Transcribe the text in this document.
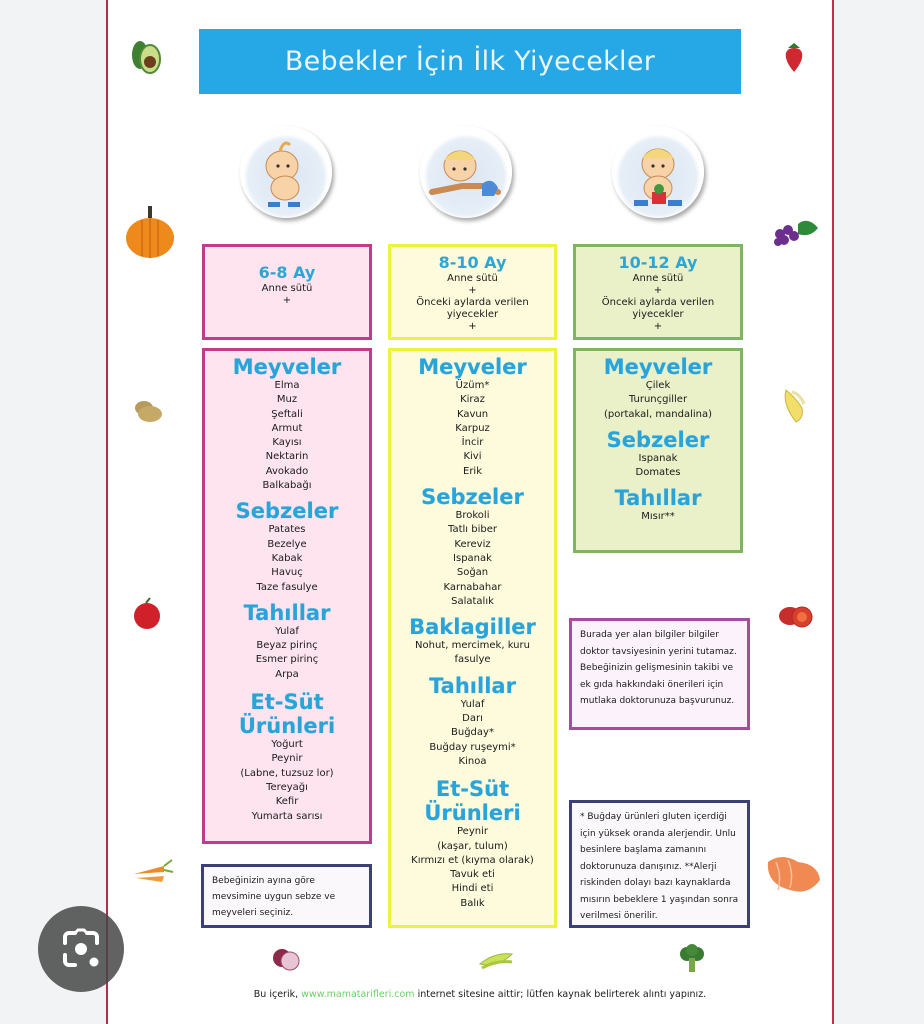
Bebekler İçin İlk Yiyecekler
6-8 Ay
Anne sütü
+
8-10 Ay
Anne sütü
+
Önceki aylarda verilen
yiyecekler
+
10-12 Ay
Anne sütü
+
Önceki aylarda verilen
yiyecekler
+
Meyveler
Elma
Muz
Şeftali
Armut
Kayısı
Nektarin
Avokado
Balkabağı
Sebzeler
Patates
Bezelye
Kabak
Havuç
Taze fasulye
Tahıllar
Yulaf
Beyaz pirinç
Esmer pirinç
Arpa
Et-Süt
Ürünleri
Yoğurt
Peynir
(Labne, tuzsuz lor)
Tereyağı
Kefir
Yumarta sarısı
Meyveler
Üzüm*
Kiraz
Kavun
Karpuz
İncir
Kivi
Erik
Sebzeler
Brokoli
Tatlı biber
Kereviz
Ispanak
Soğan
Karnabahar
Salatalık
Baklagiller
Nohut, mercimek, kuru
fasulye
Tahıllar
Yulaf
Darı
Buğday*
Buğday ruşeymi*
Kinoa
Et-Süt
Ürünleri
Peynir
(kaşar, tulum)
Kırmızı et (kıyma olarak)
Tavuk eti
Hindi eti
Balık
Meyveler
Çilek
Turunçgiller
(portakal, mandalina)
Sebzeler
Ispanak
Domates
Tahıllar
Mısır**
Bebeğinizin ayına göre mevsimine uygun sebze ve meyveleri seçiniz.
Burada yer alan bilgiler bilgiler doktor tavsiyesinin yerini tutamaz. Bebeğinizin gelişmesinin takibi ve ek gıda hakkındaki önerileri için mutlaka doktorunuza başvurunuz.
* Buğday ürünleri gluten içerdiği için yüksek oranda alerjendir. Unlu besinlere başlama zamanını doktorunuza danışınız. **Alerji riskinden dolayı bazı kaynaklarda mısırın bebeklere 1 yaşından sonra verilmesi önerilir.
Bu içerik, www.mamatarifleri.com internet sitesine aittir; lütfen kaynak belirterek alıntı yapınız.
